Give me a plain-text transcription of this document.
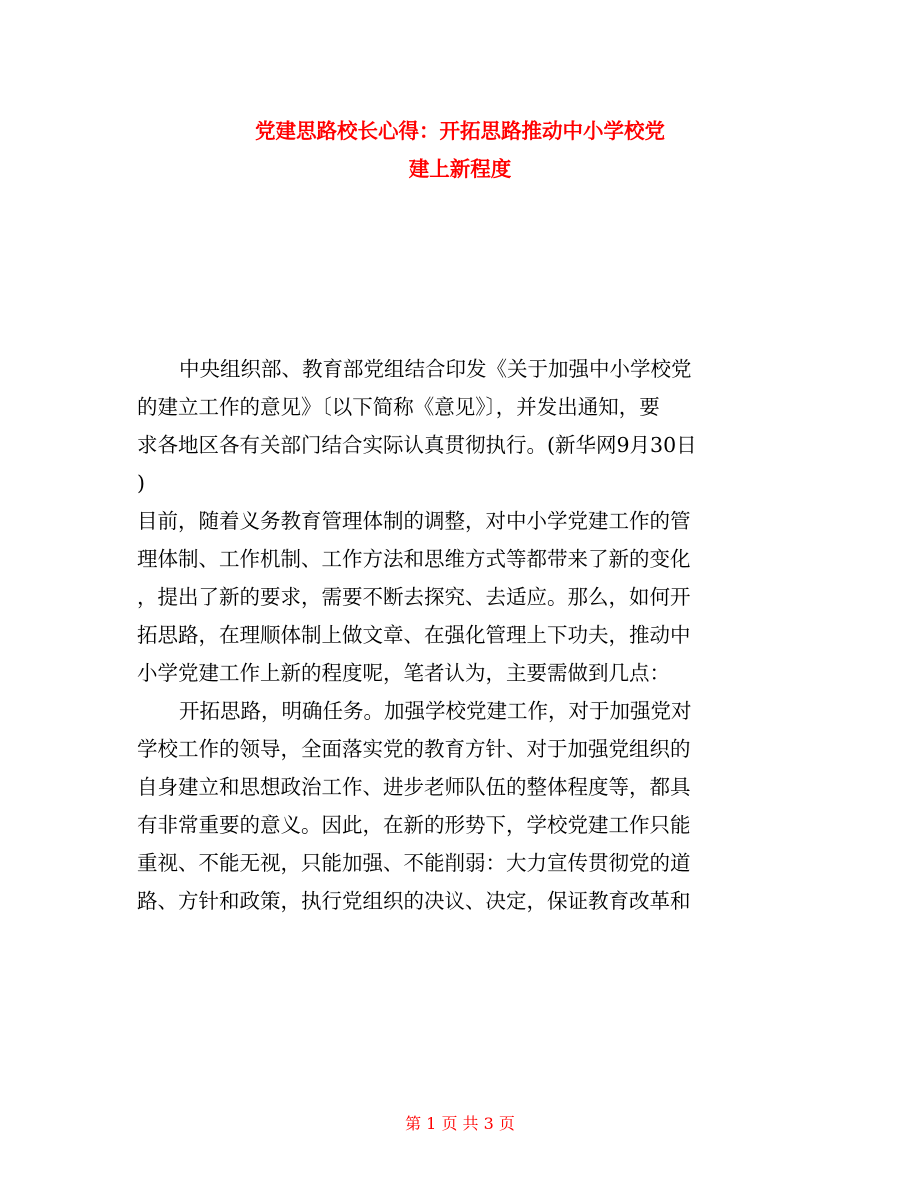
党建思路校长心得：开拓思路推动中小学校党
建上新程度
中央组织部、教育部党组结合印发《关于加强中小学校党
的建立工作的意见》〔以下简称《意见》〕，并发出通知，要
求各地区各有关部门结合实际认真贯彻执行。(新华网9月30日
)
目前，随着义务教育管理体制的调整，对中小学党建工作的管
理体制、工作机制、工作方法和思维方式等都带来了新的变化
，提出了新的要求，需要不断去探究、去适应。那么，如何开
拓思路，在理顺体制上做文章、在强化管理上下功夫，推动中
小学党建工作上新的程度呢，笔者认为，主要需做到几点：
开拓思路，明确任务。加强学校党建工作，对于加强党对
学校工作的领导，全面落实党的教育方针、对于加强党组织的
自身建立和思想政治工作、进步老师队伍的整体程度等，都具
有非常重要的意义。因此，在新的形势下，学校党建工作只能
重视、不能无视，只能加强、不能削弱：大力宣传贯彻党的道
路、方针和政策，执行党组织的决议、决定，保证教育改革和
第 1 页 共 3 页
